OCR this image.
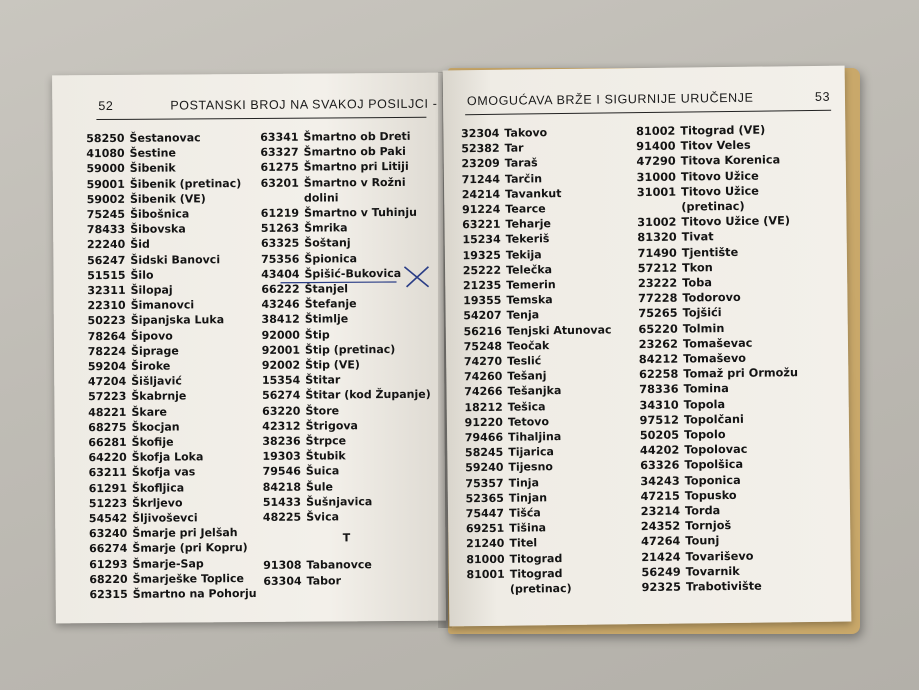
52	POSTANSKI BROJ NA SVAKOJ POSILJCI -
58250 Šestanovac
41080 Šestine
59000 Šibenik
59001 Šibenik (pretinac)
59002 Šibenik (VE)
75245 Šibošnica
78433 Šibovska
22240 Šid
56247 Šidski Banovci
51515 Šilo
32311 Šilopaj
22310 Šimanovci
50223 Šipanjska Luka
78264 Šipovo
78224 Šiprage
59204 Široke
47204 Šišljavić
57223 Škabrnje
48221 Škare
68275 Škocjan
66281 Škofije
64220 Škofja Loka
63211 Škofja vas
61291 Škofljica
51223 Škrljevo
54542 Šljivoševci
63240 Šmarje pri Jelšah
66274 Šmarje (pri Kopru)
61293 Šmarje-Sap
68220 Šmarješke Toplice
62315 Šmartno na Pohorju
63341 Šmartno ob Dreti
63327 Šmartno ob Paki
61275 Šmartno pri Litiji
63201 Šmartno v Rožni
dolini
61219 Šmartno v Tuhinju
51263 Šmrika
63325 Šoštanj
75356 Špionica
43404 Špišić-Bukovica
66222 Štanjel
43246 Štefanje
38412 Štimlje
92000 Štip
92001 Štip (pretinac)
92002 Štip (VE)
15354 Štitar
56274 Štitar (kod Županje)
63220 Štore
42312 Štrigova
38236 Štrpce
19303 Štubik
79546 Šuica
84218 Šule
51433 Šušnjavica
48225 Švica
T
91308 Tabanovce
63304 Tabor
OMOGUĆAVA BRŽE I SIGURNIJE URUČENJE	53
32304 Takovo
52382 Tar
23209 Taraš
71244 Tarčin
24214 Tavankut
91224 Tearce
63221 Teharje
15234 Tekeriš
19325 Tekija
25222 Telečka
21235 Temerin
19355 Temska
54207 Tenja
56216 Tenjski Atunovac
75248 Teočak
74270 Teslić
74260 Tešanj
74266 Tešanjka
18212 Tešica
91220 Tetovo
79466 Tihaljina
58245 Tijarica
59240 Tijesno
75357 Tinja
52365 Tinjan
75447 Tišća
69251 Tišina
21240 Titel
81000 Titograd
81001 Titograd
(pretinac)
81002 Titograd (VE)
91400 Titov Veles
47290 Titova Korenica
31000 Titovo Užice
31001 Titovo Užice
(pretinac)
31002 Titovo Užice (VE)
81320 Tivat
71490 Tjentište
57212 Tkon
23222 Toba
77228 Todorovo
75265 Tojšići
65220 Tolmin
23262 Tomaševac
84212 Tomaševo
62258 Tomaž pri Ormožu
78336 Tomina
34310 Topola
97512 Topolčani
50205 Topolo
44202 Topolovac
63326 Topolšica
34243 Toponica
47215 Topusko
23214 Torda
24352 Tornjoš
47264 Tounj
21424 Tovariševo
56249 Tovarnik
92325 Trabotivište
